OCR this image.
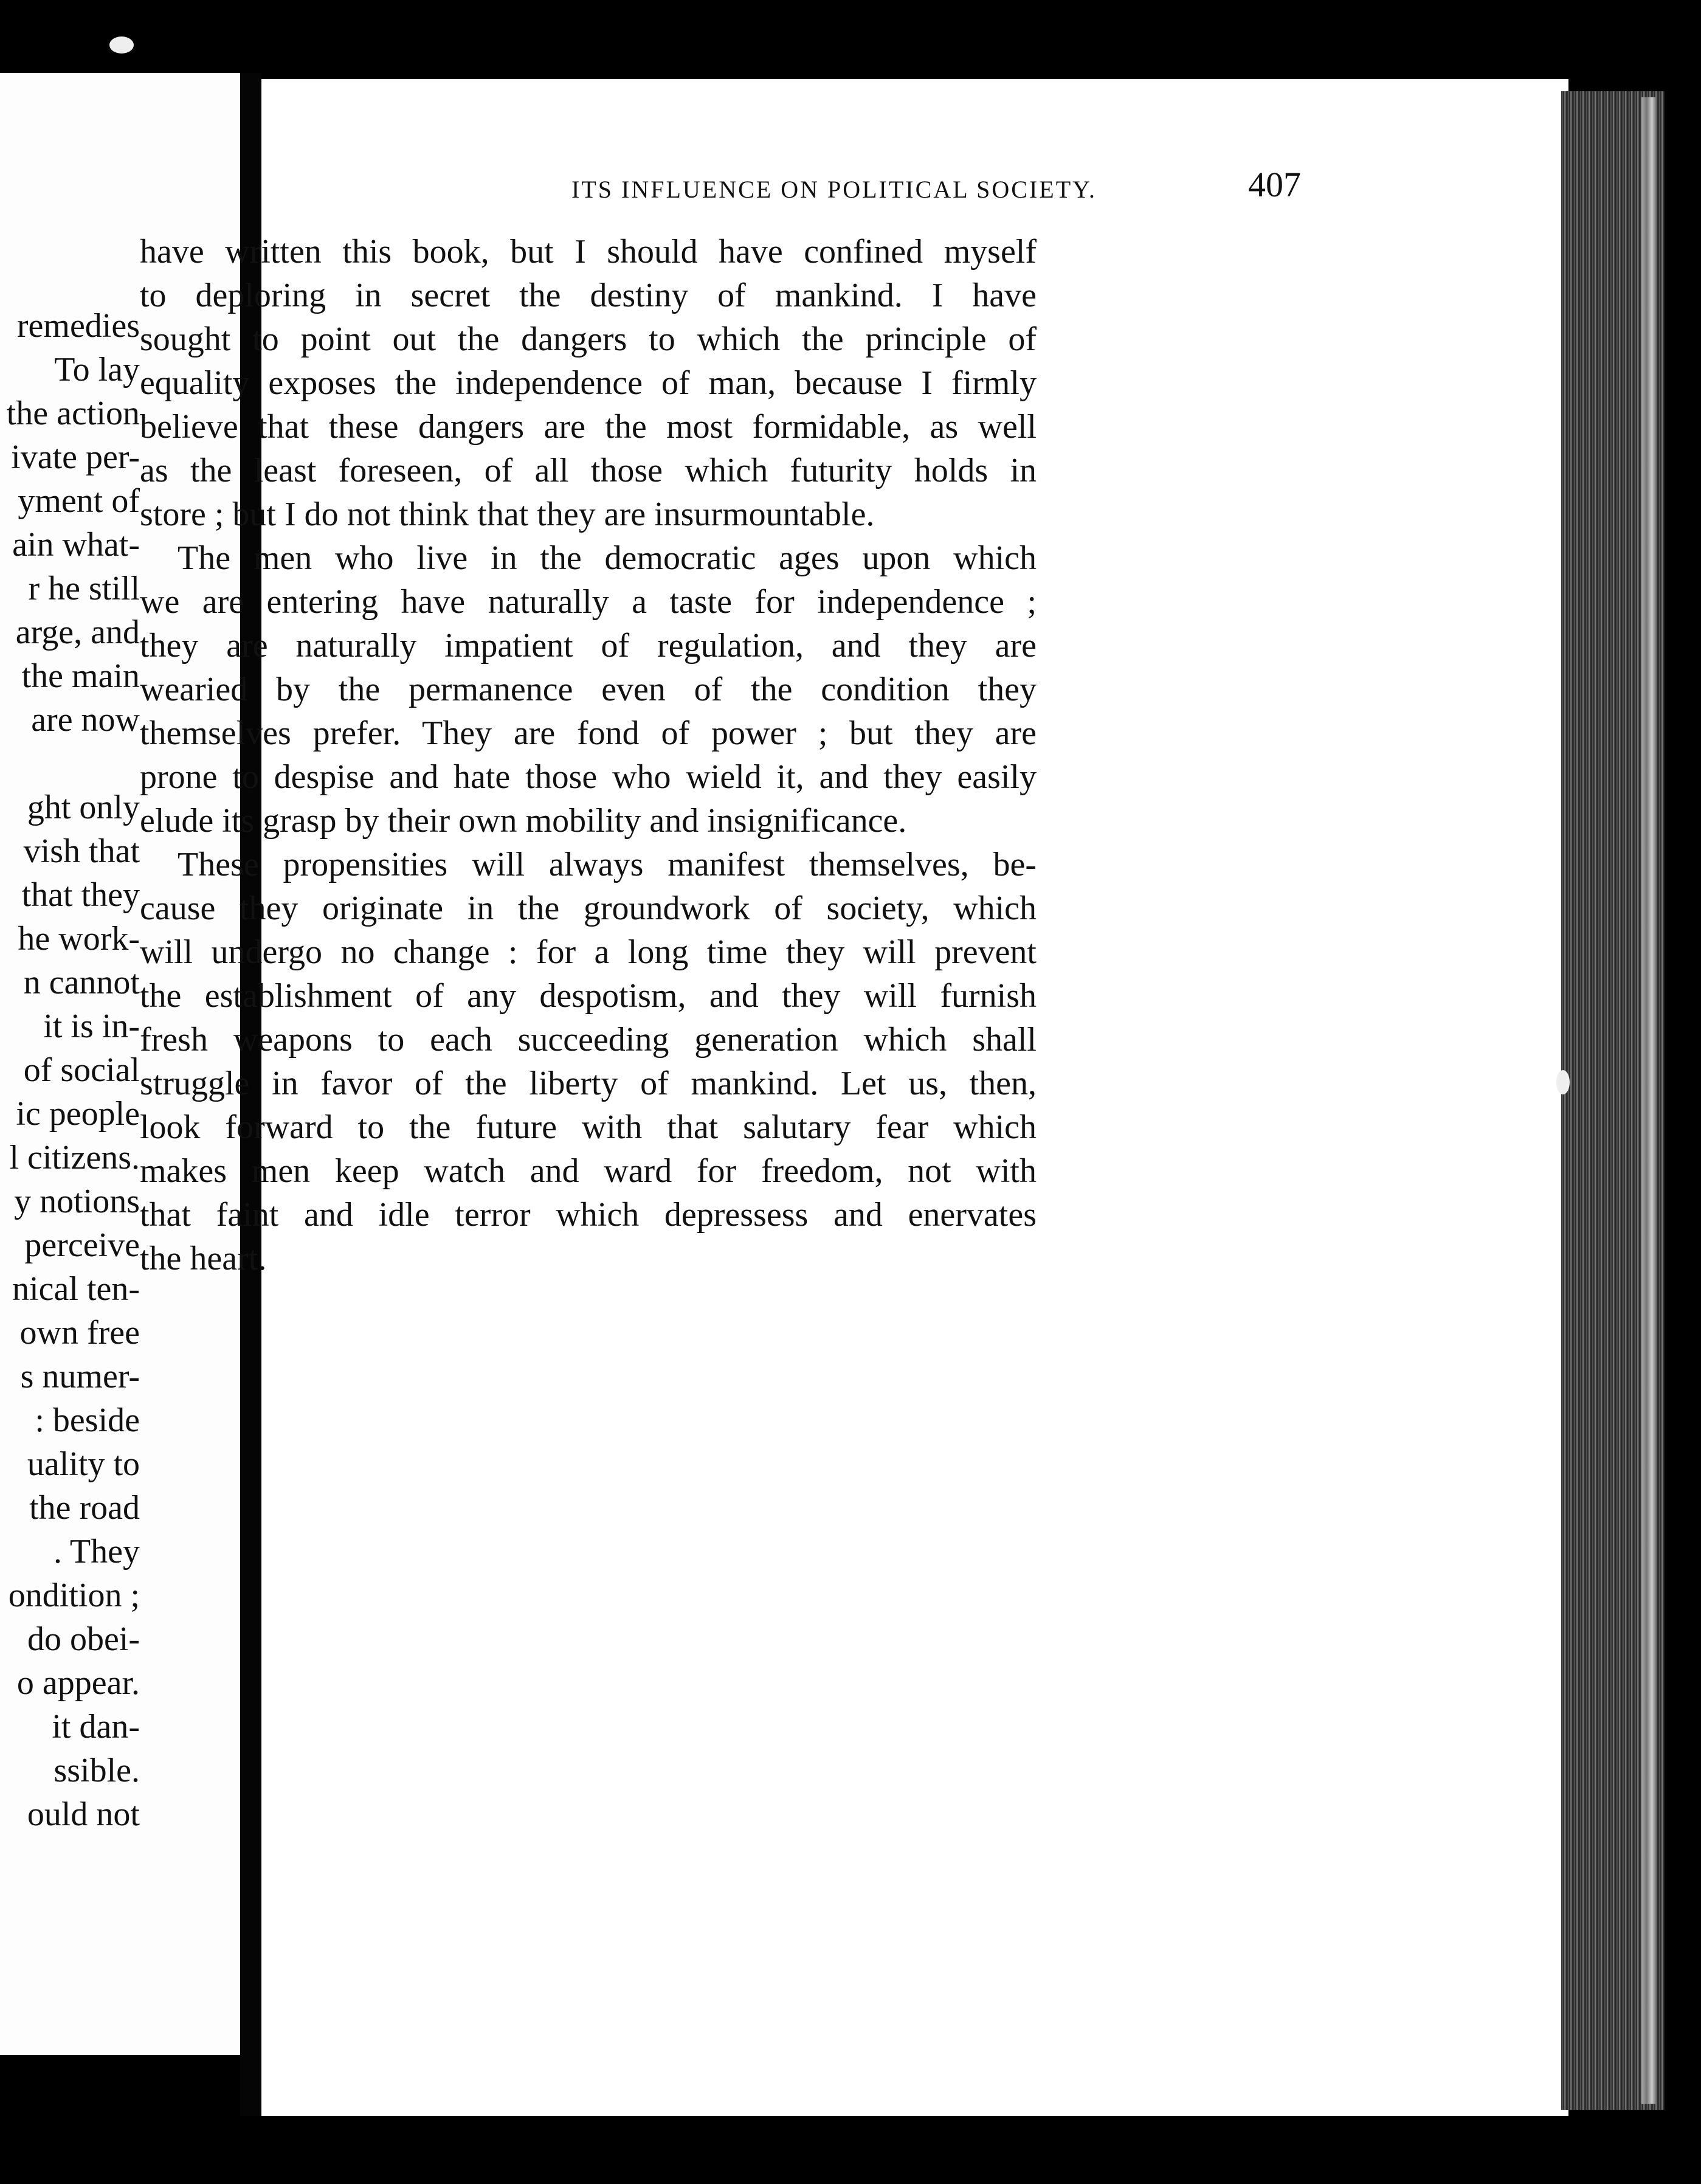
remedies
To lay
the action
ivate per-
yment of
ain what-
r he still
arge, and
the main
are now
ght only
vish that
that they
he work-
n cannot
it is in-
of social
ic people
l citizens.
y notions
perceive
nical ten-
own free
s numer-
: beside
uality to
the road
. They
ondition ;
do obei-
o appear.
it dan-
ssible.
ould not
ITS INFLUENCE ON POLITICAL SOCIETY.	407
have written this book, but I should have confined myself
to deploring in secret the destiny of mankind. I have
sought to point out the dangers to which the principle of
equality exposes the independence of man, because I firmly
believe that these dangers are the most formidable, as well
as the least foreseen, of all those which futurity holds in
store ; but I do not think that they are insurmountable.
The men who live in the democratic ages upon which
we are entering have naturally a taste for independence ;
they are naturally impatient of regulation, and they are
wearied by the permanence even of the condition they
themselves prefer. They are fond of power ; but they are
prone to despise and hate those who wield it, and they easily
elude its grasp by their own mobility and insignificance.
These propensities will always manifest themselves, be-
cause they originate in the groundwork of society, which
will undergo no change : for a long time they will prevent
the establishment of any despotism, and they will furnish
fresh weapons to each succeeding generation which shall
struggle in favor of the liberty of mankind. Let us, then,
look forward to the future with that salutary fear which
makes men keep watch and ward for freedom, not with
that faint and idle terror which depressess and enervates
the heart.
